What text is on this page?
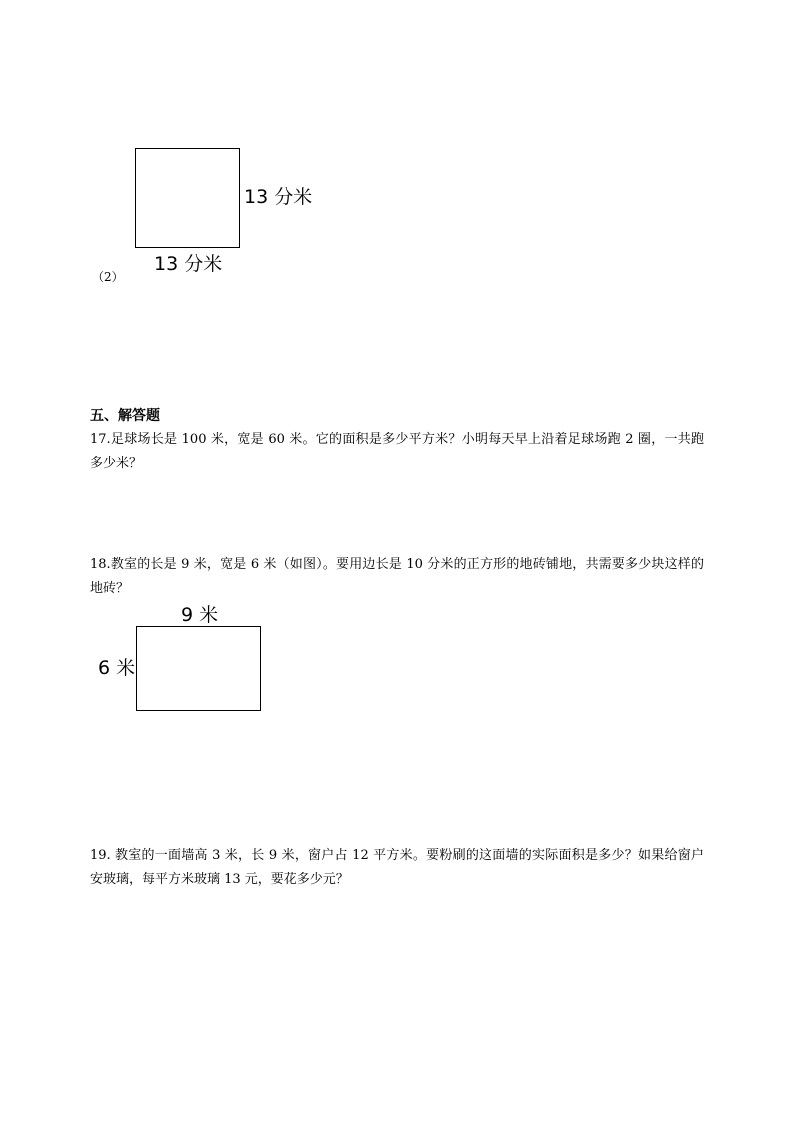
13 分米
13 分米
（2）
五、解答题
17.足球场长是 100 米，宽是 60 米。它的面积是多少平方米？小明每天早上沿着足球场跑 2 圈，一共跑多少米？
18.教室的长是 9 米，宽是 6 米（如图）。要用边长是 10 分米的正方形的地砖铺地，共需要多少块这样的地砖？
9 米
6 米
19. 教室的一面墙高 3 米，长 9 米，窗户占 12 平方米。要粉刷的这面墙的实际面积是多少？如果给窗户安玻璃，每平方米玻璃 13 元，要花多少元？
